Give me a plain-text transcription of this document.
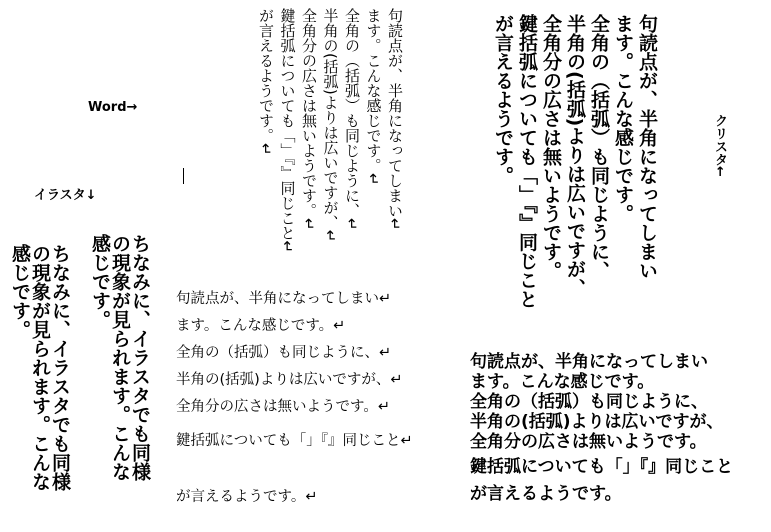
Word→
イラスタ↓
クリスタ←
句読点が、半角になってしまい↵
ます。こんな感じです。↵
全角の（括弧）も同じように、↵
半角の(括弧)よりは広いですが、↵
全角分の広さは無いようです。↵
鍵括弧についても「」『』同じこと↵
が言えるようです。↵	句読点が、半角になってしまい
ます。こんな感じです。
全角の（括弧）も同じように、
半角の(括弧)よりは広いですが、
全角分の広さは無いようです。
鍵括弧についても「」『』同じこと
が言えるようです。
ちなみに、イラスタでも同様
の現象が見られます。こんな
感じです。
ちなみに、イラスタでも同様
の現象が見られます。こんな
感じです。	句読点が、半角になってしまい↵
ます。こんな感じです。↵
全角の（括弧）も同じように、↵
半角の(括弧)よりは広いですが、↵
全角分の広さは無いようです。↵
鍵括弧についても「」『』同じこと↵
が言えるようです。↵
句読点が、半角になってしまい
ます。こんな感じです。
全角の（括弧）も同じように、
半角の(括弧)よりは広いですが、
全角分の広さは無いようです。
鍵括弧についても「」『』同じこと
が言えるようです。
